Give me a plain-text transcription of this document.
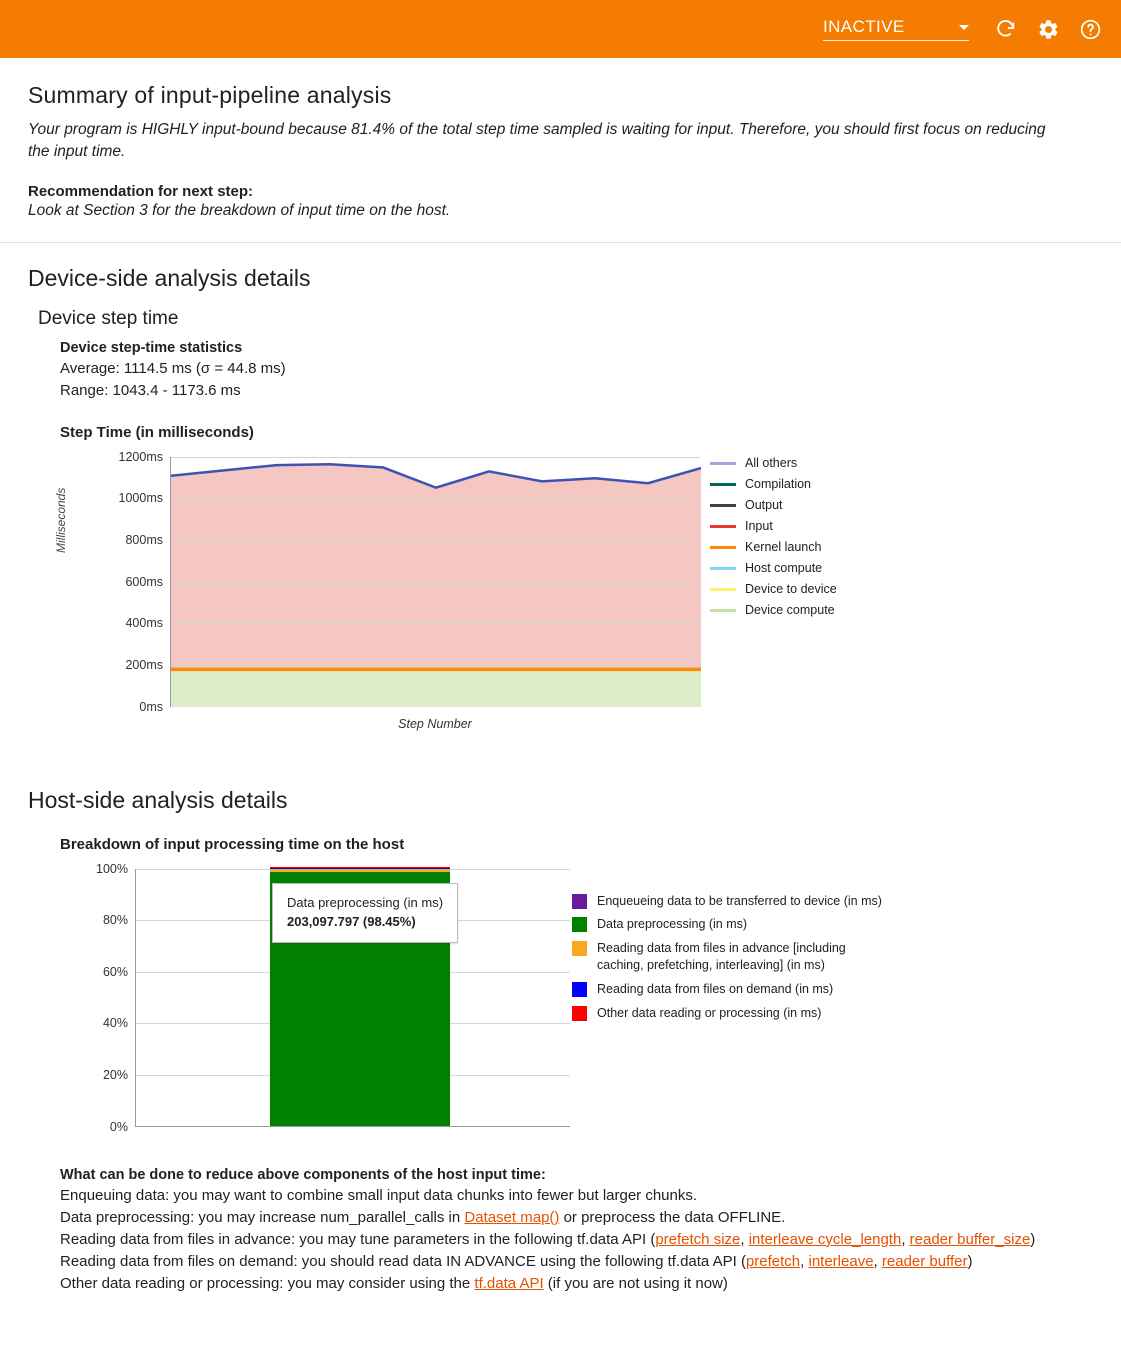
INACTIVE
Summary of input-pipeline analysis

Your program is HIGHLY input-bound because 81.4% of the total step time sampled is waiting for input. Therefore, you should first focus on reducing the input time.

Recommendation for next step:

Look at Section 3 for the breakdown of input time on the host.

Device-side analysis details
Device step time

Device step-time statistics

Average: 1114.5 ms (σ = 44.8 ms)

Range: 1043.4 - 1173.6 ms

Step Time (in milliseconds)

Milliseconds
0ms
200ms
400ms
600ms
800ms
1000ms
1200ms
Step Number
All others
Compilation
Output
Input
Kernel launch
Host compute
Device to device
Device compute
Host-side analysis details

Breakdown of input processing time on the host

0%
20%
40%
60%
80%
100%
Data preprocessing (in ms)
203,097.797 (98.45%)
Enqueueing data to be transferred to device (in ms)
Data preprocessing (in ms)
Reading data from files in advance [including caching, prefetching, interleaving] (in ms)
Reading data from files on demand (in ms)
Other data reading or processing (in ms)

What can be done to reduce above components of the host input time:

Enqueuing data: you may want to combine small input data chunks into fewer but larger chunks.

Data preprocessing: you may increase num_parallel_calls in Dataset map() or preprocess the data OFFLINE.

Reading data from files in advance: you may tune parameters in the following tf.data API (prefetch size, interleave cycle_length, reader buffer_size)

Reading data from files on demand: you should read data IN ADVANCE using the following tf.data API (prefetch, interleave, reader buffer)

Other data reading or processing: you may consider using the tf.data API (if you are not using it now)
